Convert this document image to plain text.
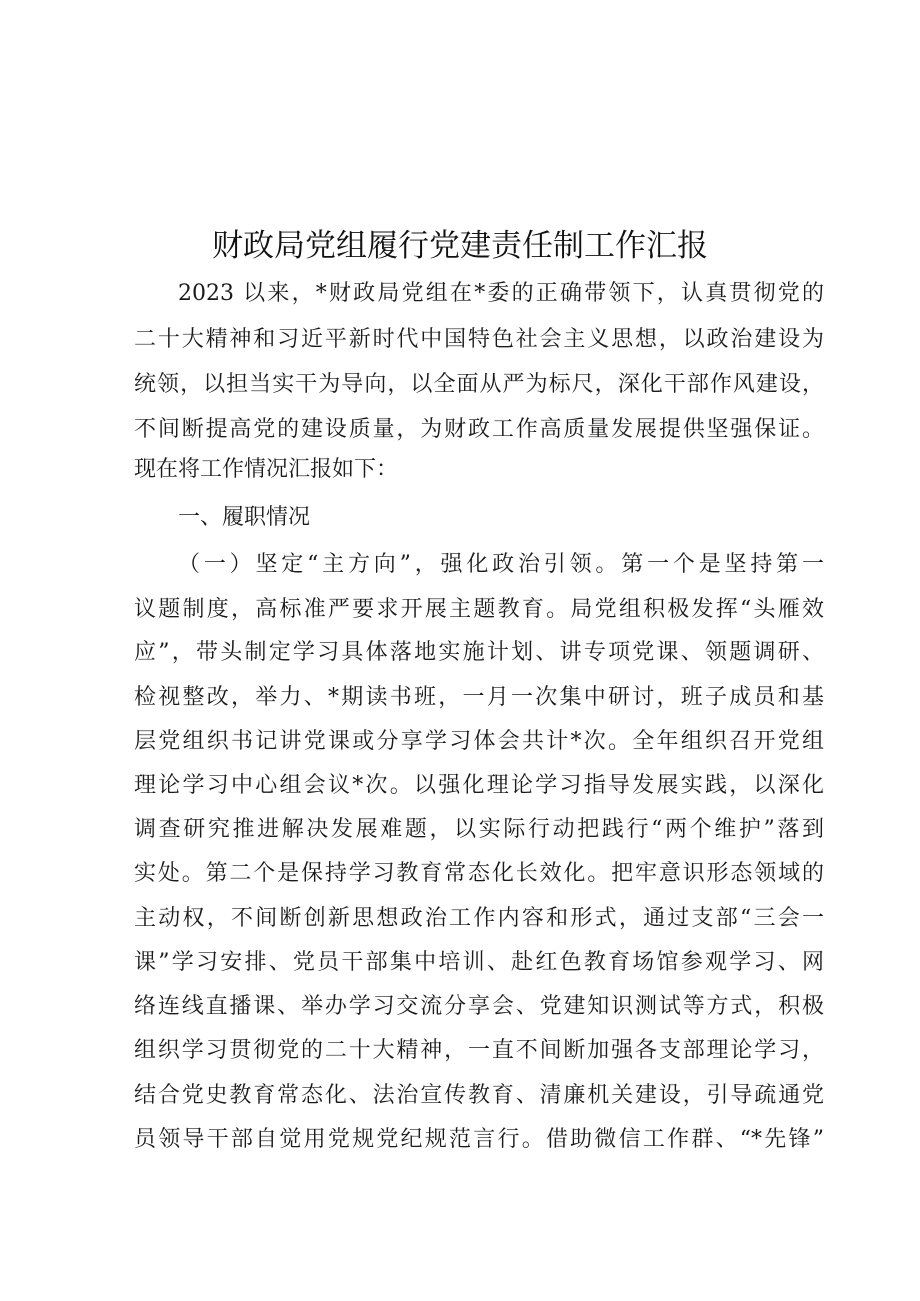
财政局党组履行党建责任制工作汇报
2023 以来，*财政局党组在*委的正确带领下，认真贯彻党的
二十大精神和习近平新时代中国特色社会主义思想，以政治建设为
统领，以担当实干为导向，以全面从严为标尺，深化干部作风建设，
不间断提高党的建设质量，为财政工作高质量发展提供坚强保证。
现在将工作情况汇报如下：
一、履职情况
（一）坚定“主方向”，强化政治引领。第一个是坚持第一
议题制度，高标准严要求开展主题教育。局党组积极发挥“头雁效
应”，带头制定学习具体落地实施计划、讲专项党课、领题调研、
检视整改，举力、*期读书班，一月一次集中研讨，班子成员和基
层党组织书记讲党课或分享学习体会共计*次。全年组织召开党组
理论学习中心组会议*次。以强化理论学习指导发展实践，以深化
调查研究推进解决发展难题，以实际行动把践行“两个维护”落到
实处。第二个是保持学习教育常态化长效化。把牢意识形态领域的
主动权，不间断创新思想政治工作内容和形式，通过支部“三会一
课”学习安排、党员干部集中培训、赴红色教育场馆参观学习、网
络连线直播课、举办学习交流分享会、党建知识测试等方式，积极
组织学习贯彻党的二十大精神，一直不间断加强各支部理论学习，
结合党史教育常态化、法治宣传教育、清廉机关建设，引导疏通党
员领导干部自觉用党规党纪规范言行。借助微信工作群、“*先锋”
